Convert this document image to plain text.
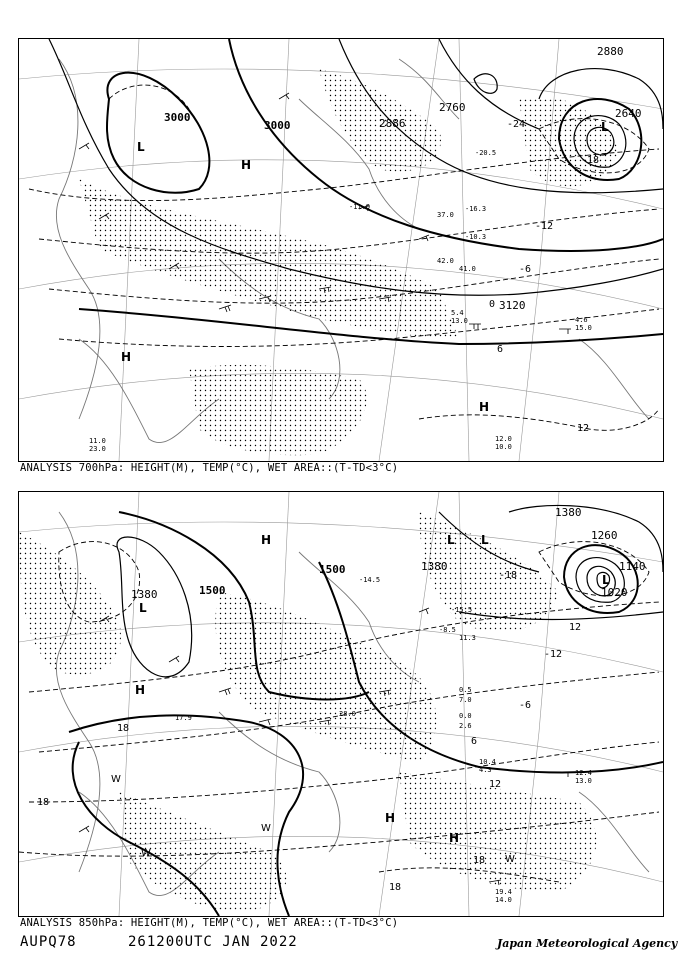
3000
3000
2880
2886
2760	2640
3120
-24
-18
-12
-6
0
6
12
L
H
L
H
H
11.0
23.0
12.0
10.0
5.4
13.0	4.6
15.0
42.0
41.0
37.0
-20.5
-16.3
-11.9
-10.3
ANALYSIS 700hPa: HEIGHT(M), TEMP(°C), WET AREA::(T-TD<3°C)
1380	1500
1500	1380
1380
1260
1140
1020
18
18
18
18
12
12
6
-6
-12
-18
L
H	L
L
H
H
H
W
W
W
W
L
17.9	28.0
12.4
13.0
19.4
14.0
-15.5
-14.5
-8.5
11.3
0.5
7.0
0.0
2.6
10.4
4.3
ANALYSIS 850hPa: HEIGHT(M), TEMP(°C), WET AREA::(T-TD<3°C)
AUPQ78	261200UTC JAN 2022	Japan Meteorological Agency
